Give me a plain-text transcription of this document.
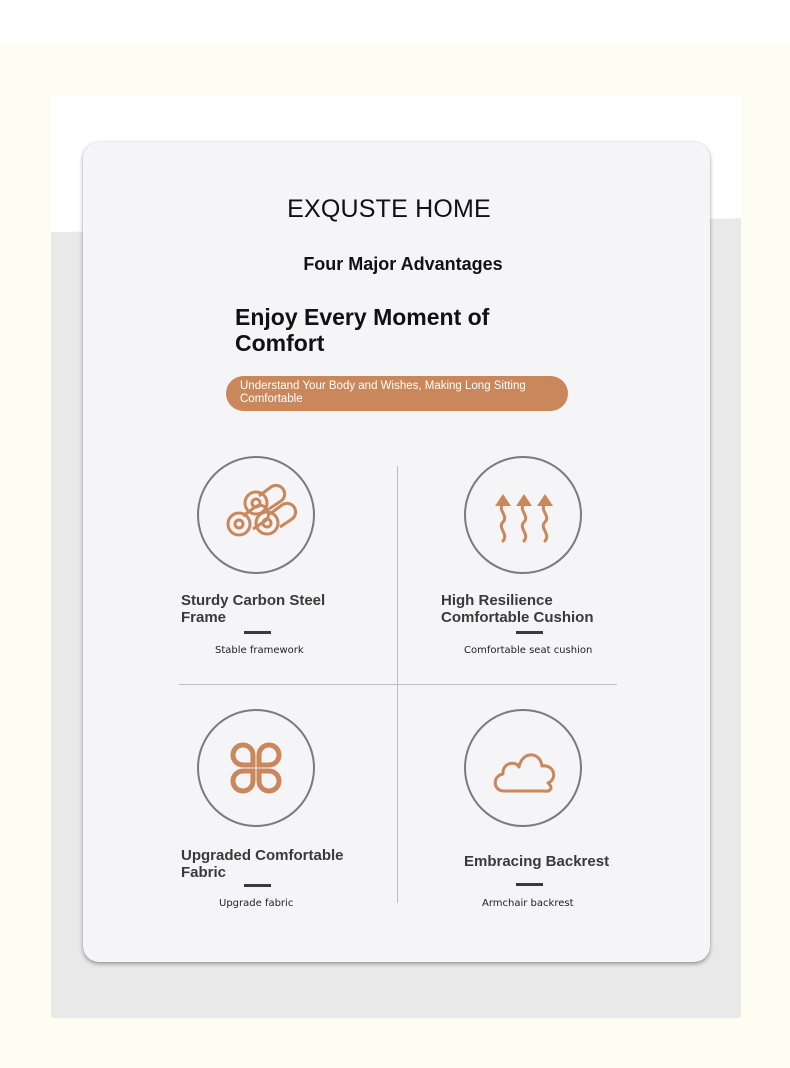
EXQUSTE HOME
Four Major Advantages
Enjoy Every Moment of Comfort
Understand Your Body and Wishes, Making Long Sitting Comfortable
Sturdy Carbon Steel Frame
Stable framework
High Resilience Comfortable Cushion
Comfortable seat cushion
Upgraded Comfortable Fabric
Upgrade fabric
Embracing Backrest
Armchair backrest
